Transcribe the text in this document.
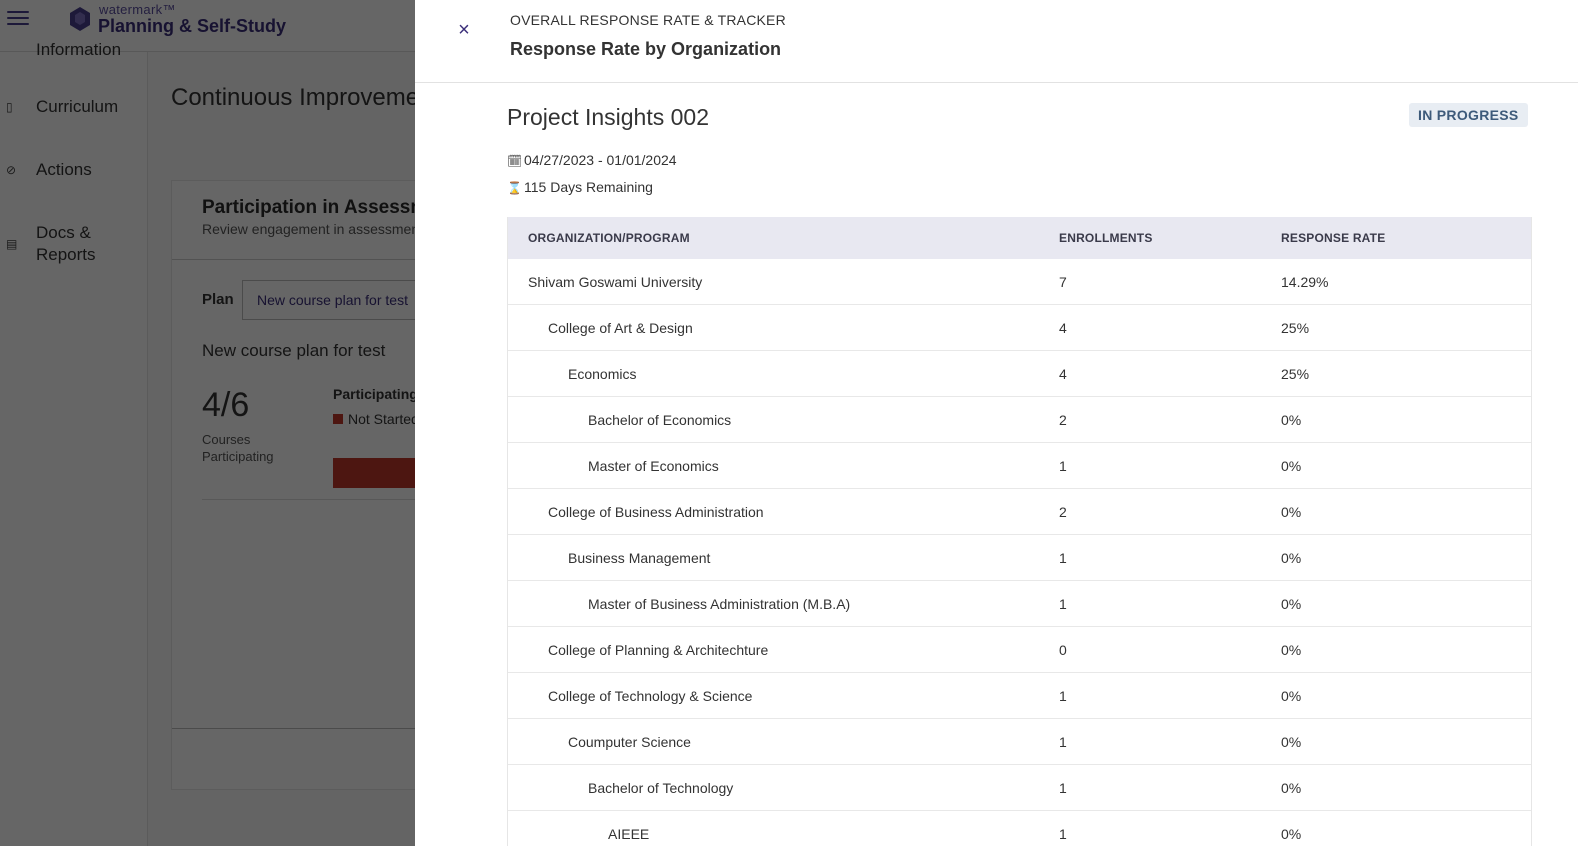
×	OVERALL RESPONSE RATE & TRACKER
Response Rate by Organization
Project Insights 002	IN PROGRESS
🗓 04/27/2023 - 01/01/2024
⌛ 115 Days Remaining
ORGANIZATION/PROGRAM	ENROLLMENTS	RESPONSE RATE
Shivam Goswami University	7	14.29%
College of Art & Design	4	25%
Economics	4	25%
Bachelor of Economics	2	0%
Master of Economics	1	0%
College of Business Administration	2	0%
Business Management	1	0%
Master of Business Administration (M.B.A)	1	0%
College of Planning & Architechture	0	0%
College of Technology & Science	1	0%
Coumputer Science	1	0%
Bachelor of Technology	1	0%
AIEEE	1	0%
